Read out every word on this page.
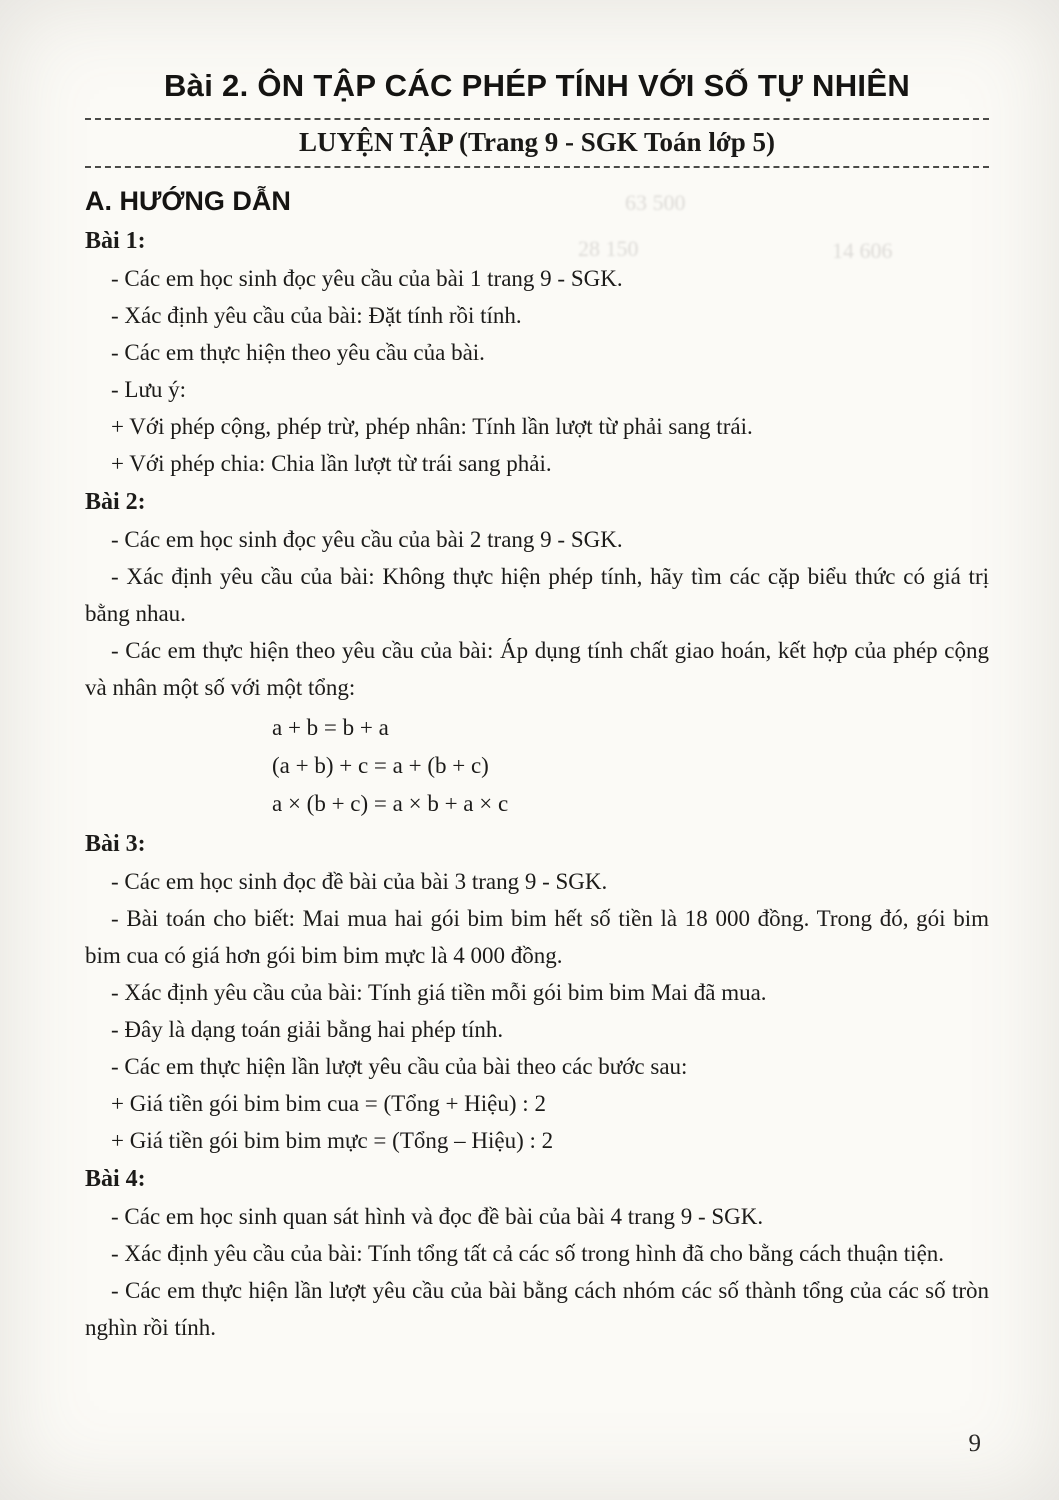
63 500
28 150	14 606
Bài 2. ÔN TẬP CÁC PHÉP TÍNH VỚI SỐ TỰ NHIÊN
LUYỆN TẬP (Trang 9 - SGK Toán lớp 5)
A. HƯỚNG DẪN
Bài 1:

- Các em học sinh đọc yêu cầu của bài 1 trang 9 - SGK.

- Xác định yêu cầu của bài: Đặt tính rồi tính.

- Các em thực hiện theo yêu cầu của bài.

- Lưu ý:

+ Với phép cộng, phép trừ, phép nhân: Tính lần lượt từ phải sang trái.

+ Với phép chia: Chia lần lượt từ trái sang phải.

Bài 2:

- Các em học sinh đọc yêu cầu của bài 2 trang 9 - SGK.

- Xác định yêu cầu của bài: Không thực hiện phép tính, hãy tìm các cặp biểu thức có giá trị bằng nhau.

- Các em thực hiện theo yêu cầu của bài: Áp dụng tính chất giao hoán, kết hợp của phép cộng và nhân một số với một tổng:

a + b = b + a

(a + b) + c = a + (b + c)

a × (b + c) = a × b + a × c

Bài 3:

- Các em học sinh đọc đề bài của bài 3 trang 9 - SGK.

- Bài toán cho biết: Mai mua hai gói bim bim hết số tiền là 18 000 đồng. Trong đó, gói bim bim cua có giá hơn gói bim bim mực là 4 000 đồng.

- Xác định yêu cầu của bài: Tính giá tiền mỗi gói bim bim Mai đã mua.

- Đây là dạng toán giải bằng hai phép tính.

- Các em thực hiện lần lượt yêu cầu của bài theo các bước sau:

+ Giá tiền gói bim bim cua = (Tổng + Hiệu) : 2

+ Giá tiền gói bim bim mực = (Tổng – Hiệu) : 2

Bài 4:

- Các em học sinh quan sát hình và đọc đề bài của bài 4 trang 9 - SGK.

- Xác định yêu cầu của bài: Tính tổng tất cả các số trong hình đã cho bằng cách thuận tiện.

- Các em thực hiện lần lượt yêu cầu của bài bằng cách nhóm các số thành tổng của các số tròn nghìn rồi tính.

9
